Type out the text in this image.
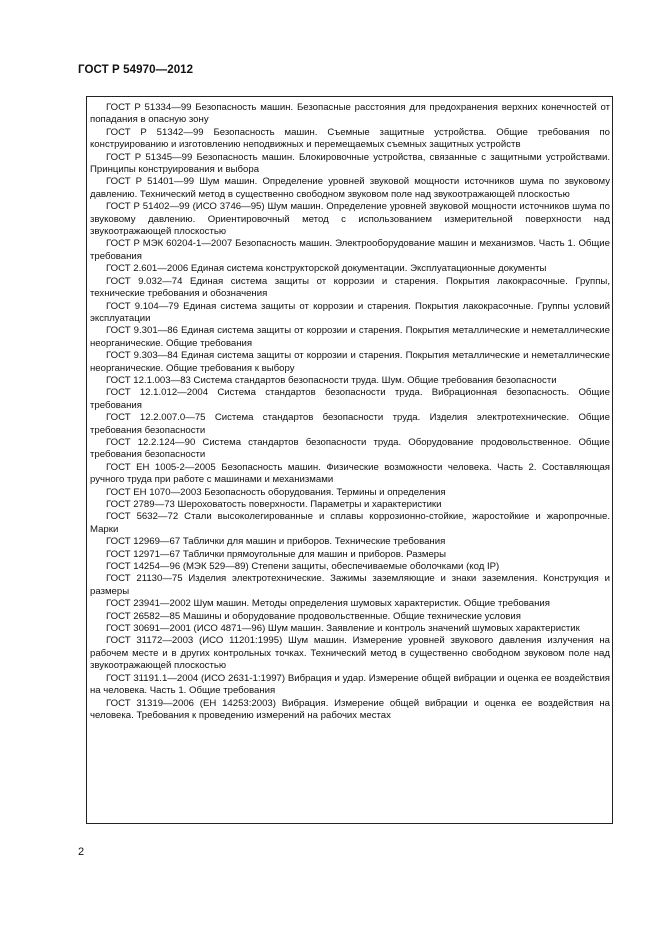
ГОСТ Р 54970—2012

ГОСТ Р 51334—99 Безопасность машин. Безопасные расстояния для предохранения верхних конечностей от попадания в опасную зону

ГОСТ Р 51342—99 Безопасность машин. Съемные защитные устройства. Общие требования по конструированию и изготовлению неподвижных и перемещаемых съемных защитных устройств

ГОСТ Р 51345—99 Безопасность машин. Блокировочные устройства, связанные с защитными устройствами. Принципы конструирования и выбора

ГОСТ Р 51401—99 Шум машин. Определение уровней звуковой мощности источников шума по звуковому давлению. Технический метод в существенно свободном звуковом поле над звукоотражающей плоскостью

ГОСТ Р 51402—99 (ИСО 3746—95) Шум машин. Определение уровней звуковой мощности источников шума по звуковому давлению. Ориентировочный метод с использованием измерительной поверхности над звукоотражающей плоскостью

ГОСТ Р МЭК 60204-1—2007 Безопасность машин. Электрооборудование машин и механизмов. Часть 1. Общие требования

ГОСТ 2.601—2006 Единая система конструкторской документации. Эксплуатационные документы

ГОСТ 9.032—74 Единая система защиты от коррозии и старения. Покрытия лакокрасочные. Группы, технические требования и обозначения

ГОСТ 9.104—79 Единая система защиты от коррозии и старения. Покрытия лакокрасочные. Группы условий эксплуатации

ГОСТ 9.301—86 Единая система защиты от коррозии и старения. Покрытия металлические и неметаллические неорганические. Общие требования

ГОСТ 9.303—84 Единая система защиты от коррозии и старения. Покрытия металлические и неметаллические неорганические. Общие требования к выбору

ГОСТ 12.1.003—83 Система стандартов безопасности труда. Шум. Общие требования безопасности

ГОСТ 12.1.012—2004 Система стандартов безопасности труда. Вибрационная безопасность. Общие требования

ГОСТ 12.2.007.0—75 Система стандартов безопасности труда. Изделия электротехнические. Общие требования безопасности

ГОСТ 12.2.124—90 Система стандартов безопасности труда. Оборудование продовольственное. Общие требования безопасности

ГОСТ ЕН 1005-2—2005 Безопасность машин. Физические возможности человека. Часть 2. Составляющая ручного труда при работе с машинами и механизмами

ГОСТ ЕН 1070—2003 Безопасность оборудования. Термины и определения

ГОСТ 2789—73 Шероховатость поверхности. Параметры и характеристики

ГОСТ 5632—72 Стали высоколегированные и сплавы коррозионно-стойкие, жаростойкие и жаропрочные. Марки

ГОСТ 12969—67 Таблички для машин и приборов. Технические требования

ГОСТ 12971—67 Таблички прямоугольные для машин и приборов. Размеры

ГОСТ 14254—96 (МЭК 529—89) Степени защиты, обеспечиваемые оболочками (код IP)

ГОСТ 21130—75 Изделия электротехнические. Зажимы заземляющие и знаки заземления. Конструкция и размеры

ГОСТ 23941—2002 Шум машин. Методы определения шумовых характеристик. Общие требования

ГОСТ 26582—85 Машины и оборудование продовольственные. Общие технические условия

ГОСТ 30691—2001 (ИСО 4871—96) Шум машин. Заявление и контроль значений шумовых характеристик

ГОСТ 31172—2003 (ИСО 11201:1995) Шум машин. Измерение уровней звукового давления излучения на рабочем месте и в других контрольных точках. Технический метод в существенно свободном звуковом поле над звукоотражающей плоскостью

ГОСТ 31191.1—2004 (ИСО 2631-1:1997) Вибрация и удар. Измерение общей вибрации и оценка ее воздействия на человека. Часть 1. Общие требования

ГОСТ 31319—2006 (ЕН 14253:2003) Вибрация. Измерение общей вибрации и оценка ее воздействия на человека. Требования к проведению измерений на рабочих местах

2
